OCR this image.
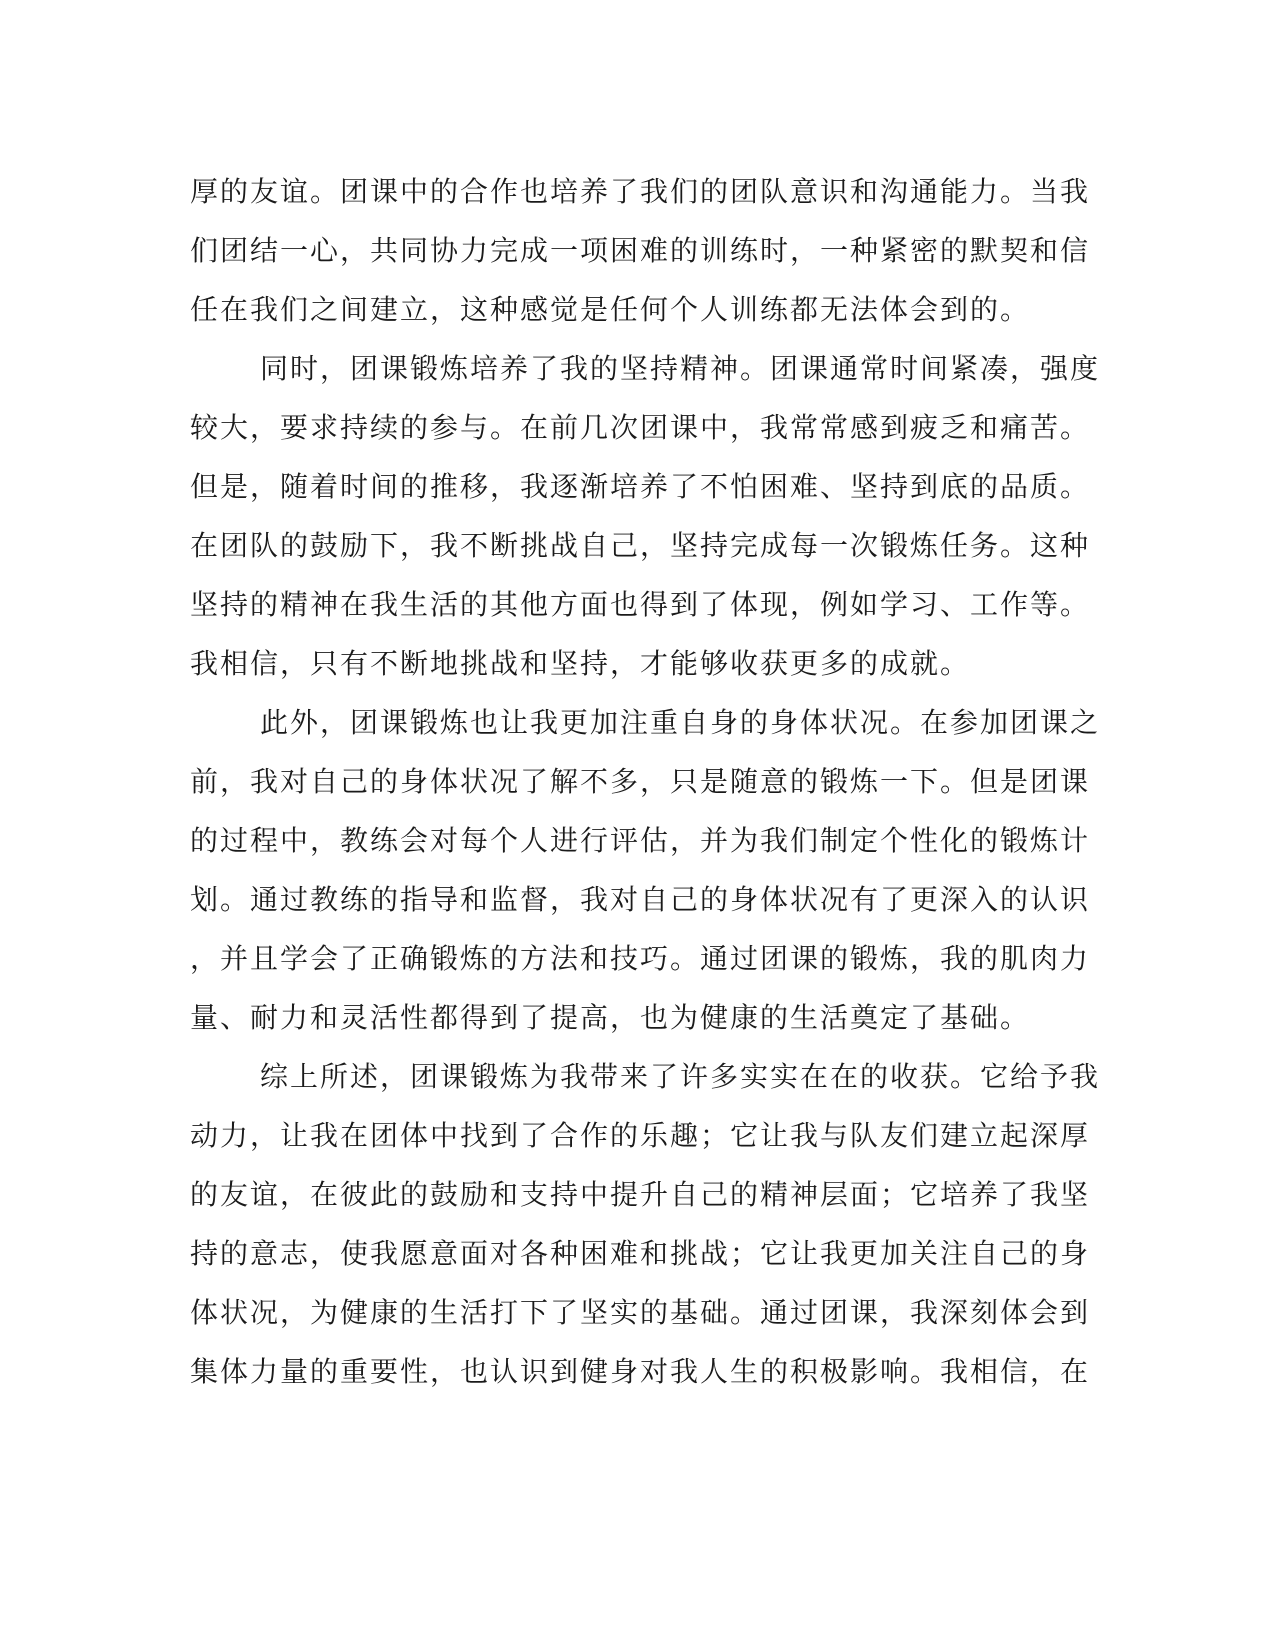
厚的友谊。团课中的合作也培养了我们的团队意识和沟通能力。当我
们团结一心，共同协力完成一项困难的训练时，一种紧密的默契和信
任在我们之间建立，这种感觉是任何个人训练都无法体会到的。
同时，团课锻炼培养了我的坚持精神。团课通常时间紧凑，强度
较大，要求持续的参与。在前几次团课中，我常常感到疲乏和痛苦。
但是，随着时间的推移，我逐渐培养了不怕困难、坚持到底的品质。
在团队的鼓励下，我不断挑战自己，坚持完成每一次锻炼任务。这种
坚持的精神在我生活的其他方面也得到了体现，例如学习、工作等。
我相信，只有不断地挑战和坚持，才能够收获更多的成就。
此外，团课锻炼也让我更加注重自身的身体状况。在参加团课之
前，我对自己的身体状况了解不多，只是随意的锻炼一下。但是团课
的过程中，教练会对每个人进行评估，并为我们制定个性化的锻炼计
划。通过教练的指导和监督，我对自己的身体状况有了更深入的认识
，并且学会了正确锻炼的方法和技巧。通过团课的锻炼，我的肌肉力
量、耐力和灵活性都得到了提高，也为健康的生活奠定了基础。
综上所述，团课锻炼为我带来了许多实实在在的收获。它给予我
动力，让我在团体中找到了合作的乐趣；它让我与队友们建立起深厚
的友谊，在彼此的鼓励和支持中提升自己的精神层面；它培养了我坚
持的意志，使我愿意面对各种困难和挑战；它让我更加关注自己的身
体状况，为健康的生活打下了坚实的基础。通过团课，我深刻体会到
集体力量的重要性，也认识到健身对我人生的积极影响。我相信，在
